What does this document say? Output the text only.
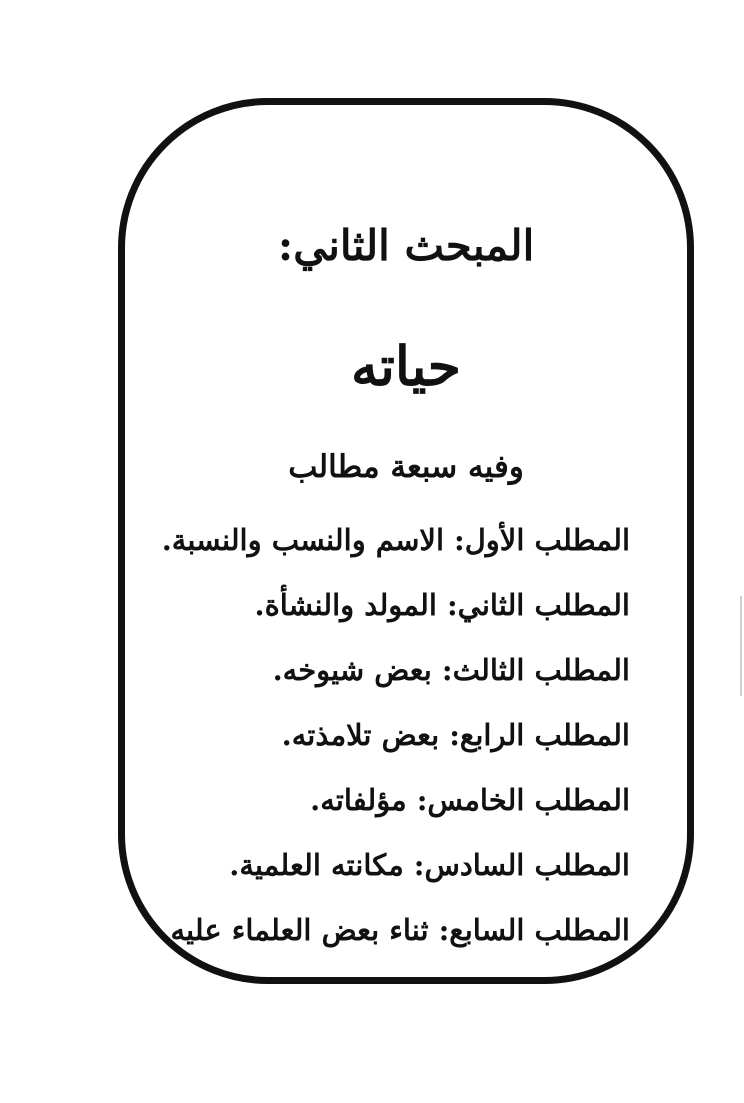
المبحث الثاني:
حياته
وفيه سبعة مطالب
المطلب الأول:الاسم والنسب والنسبة.
المطلب الثاني:المولد والنشأة.
المطلب الثالث:بعض شيوخه.
المطلب الرابع:بعض تلامذته.
المطلب الخامس:مؤلفاته.
المطلب السادس:مكانته العلمية.
المطلب السابع:ثناء بعض العلماء عليه.
